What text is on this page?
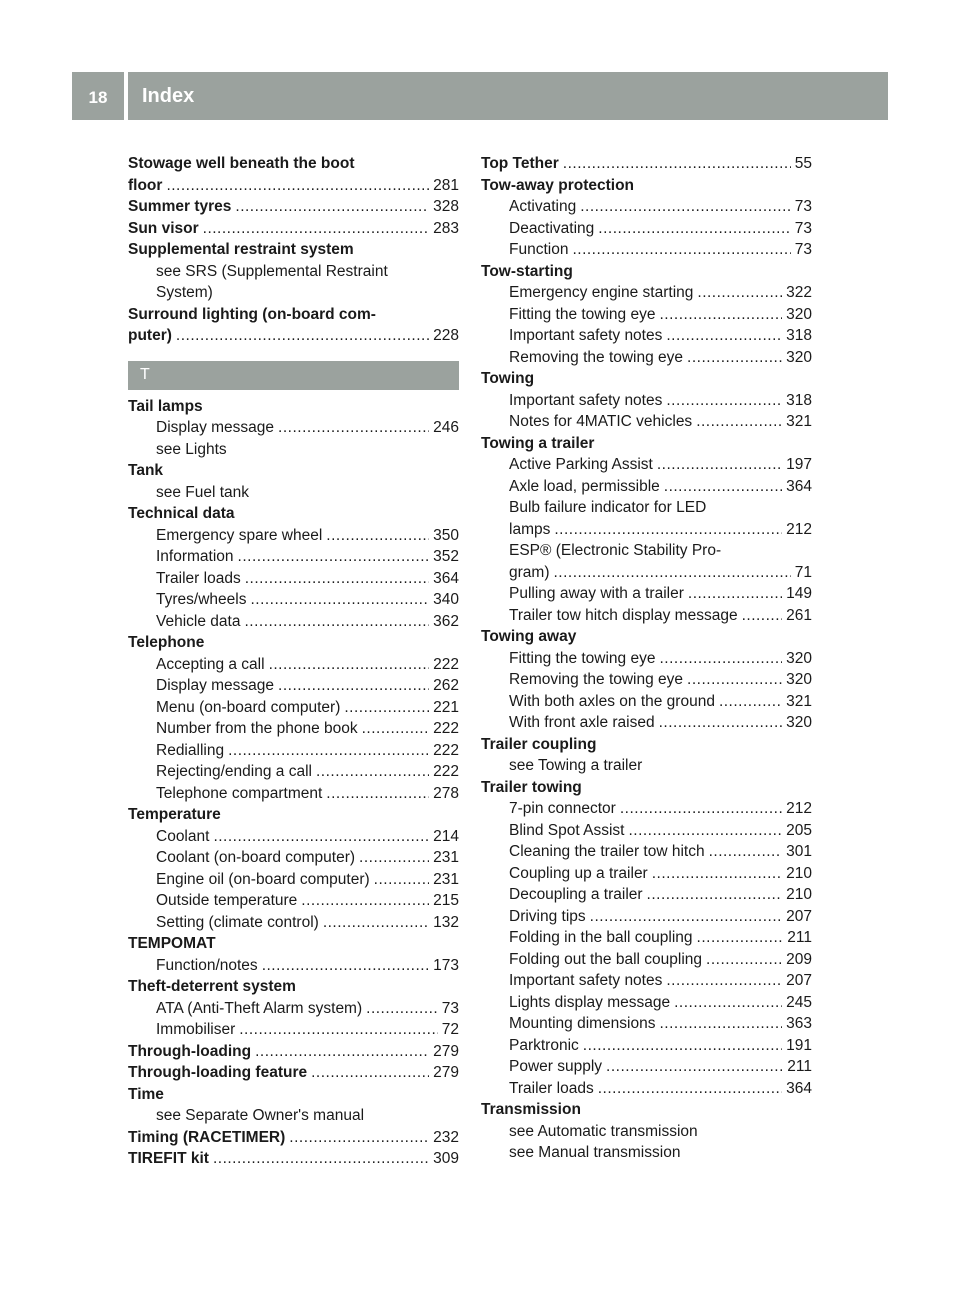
18	Index
Stowage well beneath the boot
floor .....	281
Summer tyres .....	328
Sun visor .....	283
Supplemental restraint system
see SRS (Supplemental Restraint
System)
Surround lighting (on-board com-
puter) .....	228
T
Tail lamps
Display message .....	246
see Lights
Tank
see Fuel tank
Technical data
Emergency spare wheel .....	350
Information .....	352
Trailer loads .....	364
Tyres/wheels .....	340
Vehicle data .....	362
Telephone
Accepting a call .....	222
Display message .....	262
Menu (on-board computer) .....	221
Number from the phone book .....	222
Redialling .....	222
Rejecting/ending a call .....	222
Telephone compartment .....	278
Temperature
Coolant .....	214
Coolant (on-board computer) .....	231
Engine oil (on-board computer) .....	231
Outside temperature .....	215
Setting (climate control) .....	132
TEMPOMAT
Function/notes .....	173
Theft-deterrent system
ATA (Anti-Theft Alarm system) .....	73
Immobiliser .....	72
Through-loading .....	279
Through-loading feature .....	279
Time
see Separate Owner's manual
Timing (RACETIMER) .....	232
TIREFIT kit .....	309
Top Tether .....	55
Tow-away protection
Activating .....	73
Deactivating .....	73
Function .....	73
Tow-starting
Emergency engine starting .....	322
Fitting the towing eye .....	320
Important safety notes .....	318
Removing the towing eye .....	320
Towing
Important safety notes .....	318
Notes for 4MATIC vehicles .....	321
Towing a trailer
Active Parking Assist .....	197
Axle load, permissible .....	364
Bulb failure indicator for LED
lamps .....	212
ESP® (Electronic Stability Pro-
gram) .....	71
Pulling away with a trailer .....	149
Trailer tow hitch display message .....	261
Towing away
Fitting the towing eye .....	320
Removing the towing eye .....	320
With both axles on the ground .....	321
With front axle raised .....	320
Trailer coupling
see Towing a trailer
Trailer towing
7-pin connector .....	212
Blind Spot Assist .....	205
Cleaning the trailer tow hitch .....	301
Coupling up a trailer .....	210
Decoupling a trailer .....	210
Driving tips .....	207
Folding in the ball coupling .....	211
Folding out the ball coupling .....	209
Important safety notes .....	207
Lights display message .....	245
Mounting dimensions .....	363
Parktronic .....	191
Power supply .....	211
Trailer loads .....	364
Transmission
see Automatic transmission
see Manual transmission
